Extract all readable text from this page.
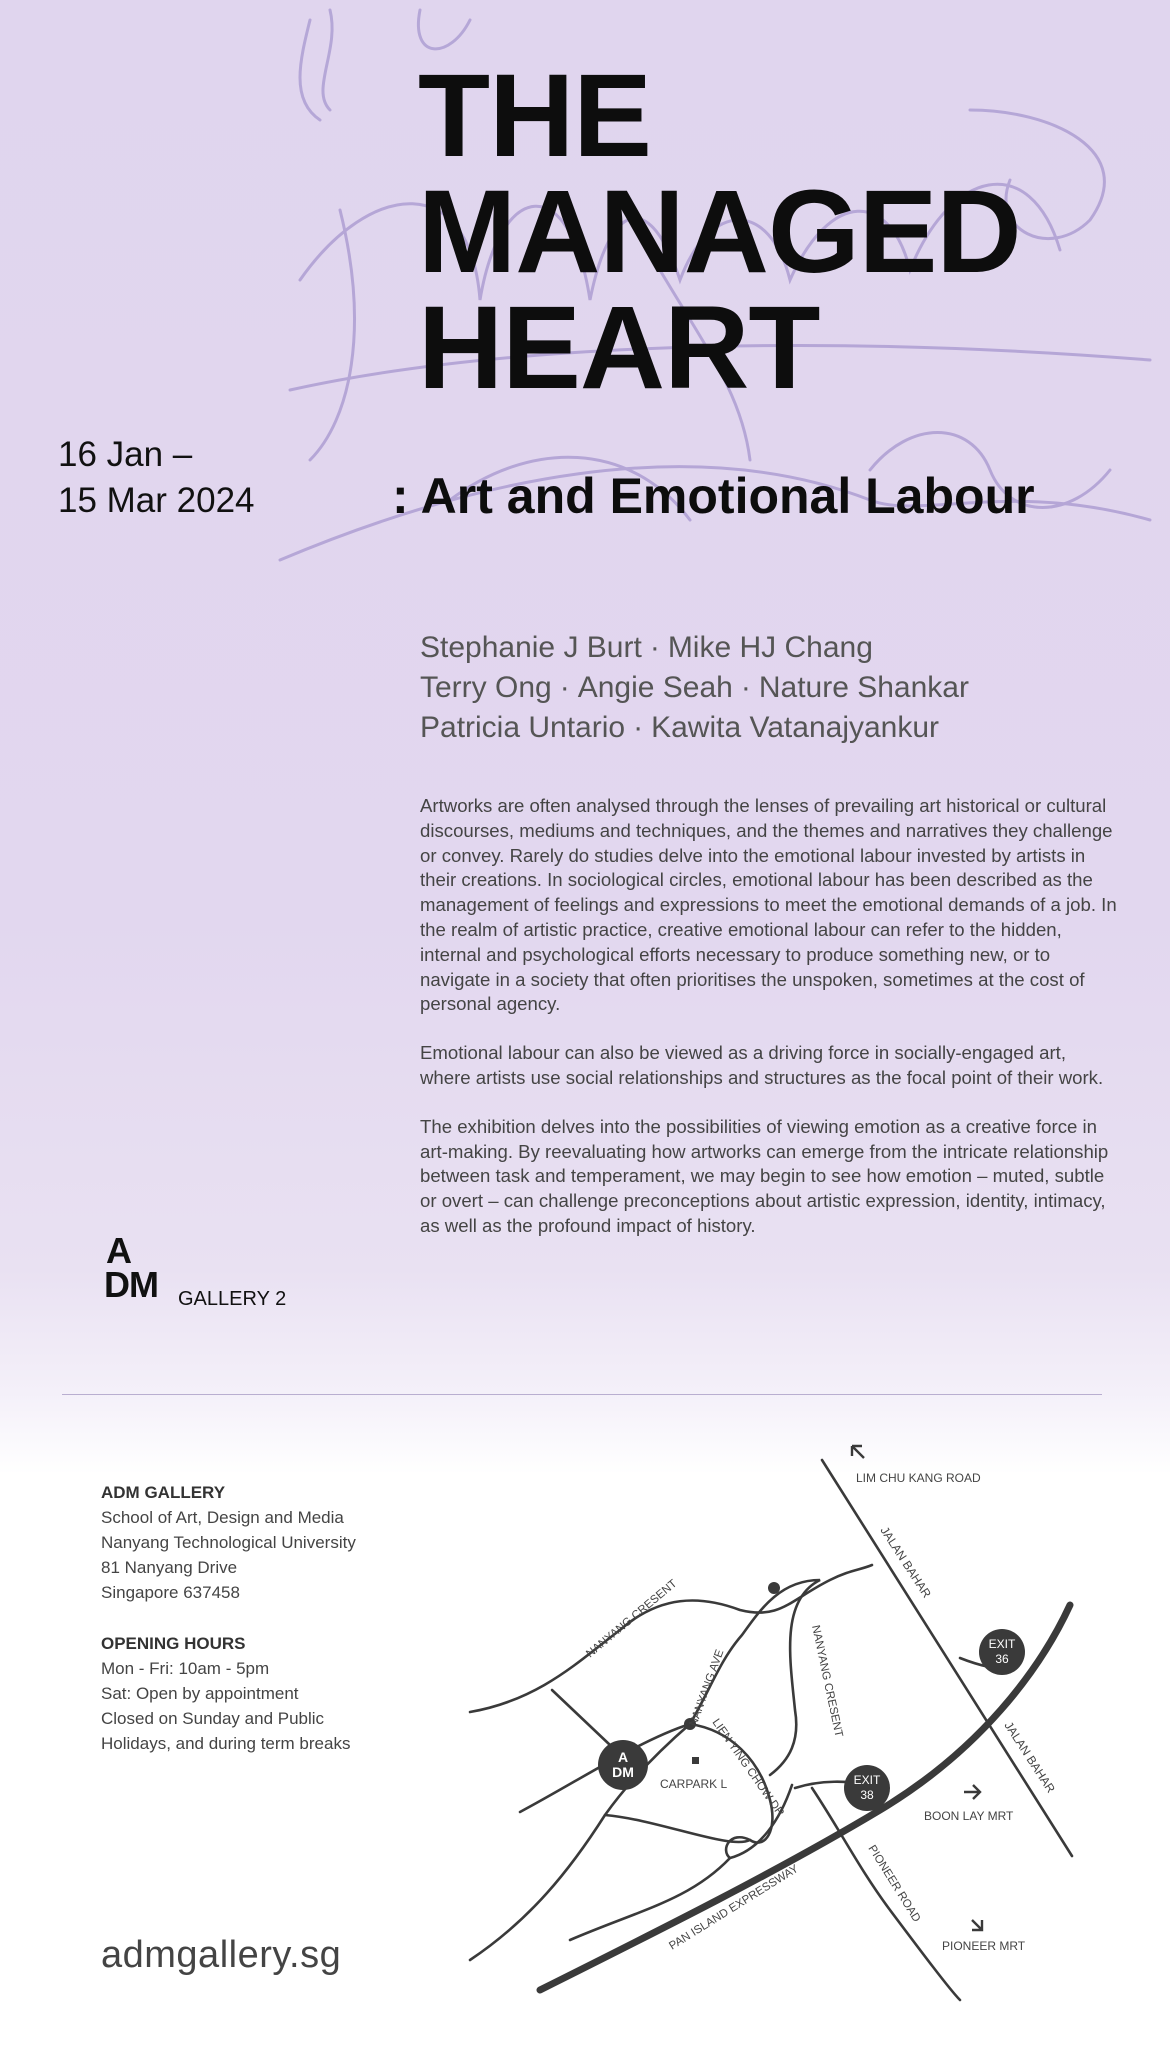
THE
MANAGED
HEART
16 Jan –
15 Mar 2024	: Art and Emotional Labour
Stephanie J Burt · Mike HJ Chang
Terry Ong · Angie Seah · Nature Shankar
Patricia Untario · Kawita Vatanajyankur

Artworks are often analysed through the lenses of prevailing art historical or cultural discourses, mediums and techniques, and the themes and narratives they challenge or convey. Rarely do studies delve into the emotional labour invested by artists in their creations. In sociological circles, emotional labour has been described as the management of feelings and expressions to meet the emotional demands of a job. In the realm of artistic practice, creative emotional labour can refer to the hidden, internal and psychological efforts necessary to produce something new, or to navigate in a society that often prioritises the unspoken, sometimes at the cost of personal agency.

Emotional labour can also be viewed as a driving force in socially-engaged art, where artists use social relationships and structures as the focal point of their work.

The exhibition delves into the possibilities of viewing emotion as a creative force in art-making. By reevaluating how artworks can emerge from the intricate relationship between task and temperament, we may begin to see how emotion – muted, subtle or overt – can challenge preconceptions about artistic expression, identity, intimacy, as well as the profound impact of history.

A
DM GALLERY 2
ADM GALLERY
School of Art, Design and Media
Nanyang Technological University
81 Nanyang Drive
Singapore 637458
OPENING HOURS
Mon - Fri: 10am - 5pm
Sat: Open by appointment
Closed on Sunday and Public
Holidays, and during term breaks
admgallery.sg
A
DM
EXIT
36
EXIT
38
LIM CHU KANG ROAD
JALAN BAHAR
JALAN BAHAR
NANYANG CRESENT
NANYANG CRESENT
NANYANG AVE
LIEN YING CHOW DR
CARPARK L
BOON LAY MRT
PIONEER MRT
PIONEER ROAD
PAN ISLAND EXPRESSWAY
